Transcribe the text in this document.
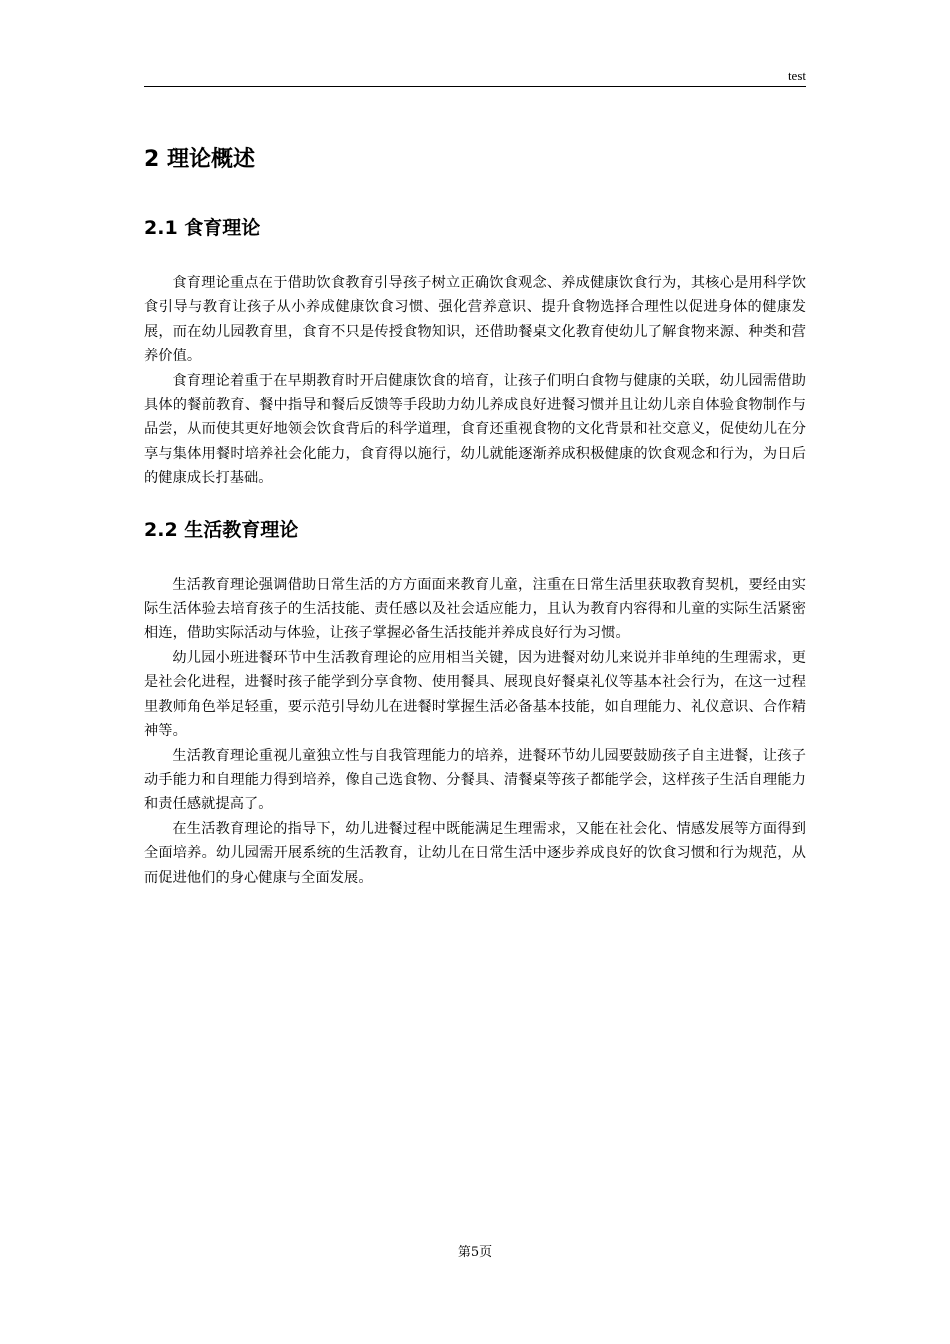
test
2 理论概述
2.1 食育理论

食育理论重点在于借助饮食教育引导孩子树立正确饮食观念、养成健康饮食行为，其核心是用科学饮食引导与教育让孩子从小养成健康饮食习惯、强化营养意识、提升食物选择合理性以促进身体的健康发展，而在幼儿园教育里，食育不只是传授食物知识，还借助餐桌文化教育使幼儿了解食物来源、种类和营养价值。

食育理论着重于在早期教育时开启健康饮食的培育，让孩子们明白食物与健康的关联，幼儿园需借助具体的餐前教育、餐中指导和餐后反馈等手段助力幼儿养成良好进餐习惯并且让幼儿亲自体验食物制作与品尝，从而使其更好地领会饮食背后的科学道理，食育还重视食物的文化背景和社交意义，促使幼儿在分享与集体用餐时培养社会化能力，食育得以施行，幼儿就能逐渐养成积极健康的饮食观念和行为，为日后的健康成长打基础。

2.2 生活教育理论

生活教育理论强调借助日常生活的方方面面来教育儿童，注重在日常生活里获取教育契机，要经由实际生活体验去培育孩子的生活技能、责任感以及社会适应能力，且认为教育内容得和儿童的实际生活紧密相连，借助实际活动与体验，让孩子掌握必备生活技能并养成良好行为习惯。

幼儿园小班进餐环节中生活教育理论的应用相当关键，因为进餐对幼儿来说并非单纯的生理需求，更是社会化进程，进餐时孩子能学到分享食物、使用餐具、展现良好餐桌礼仪等基本社会行为，在这一过程里教师角色举足轻重，要示范引导幼儿在进餐时掌握生活必备基本技能，如自理能力、礼仪意识、合作精神等。

生活教育理论重视儿童独立性与自我管理能力的培养，进餐环节幼儿园要鼓励孩子自主进餐，让孩子动手能力和自理能力得到培养，像自己选食物、分餐具、清餐桌等孩子都能学会，这样孩子生活自理能力和责任感就提高了。

在生活教育理论的指导下，幼儿进餐过程中既能满足生理需求，又能在社会化、情感发展等方面得到全面培养。幼儿园需开展系统的生活教育，让幼儿在日常生活中逐步养成良好的饮食习惯和行为规范，从而促进他们的身心健康与全面发展。

第5页
